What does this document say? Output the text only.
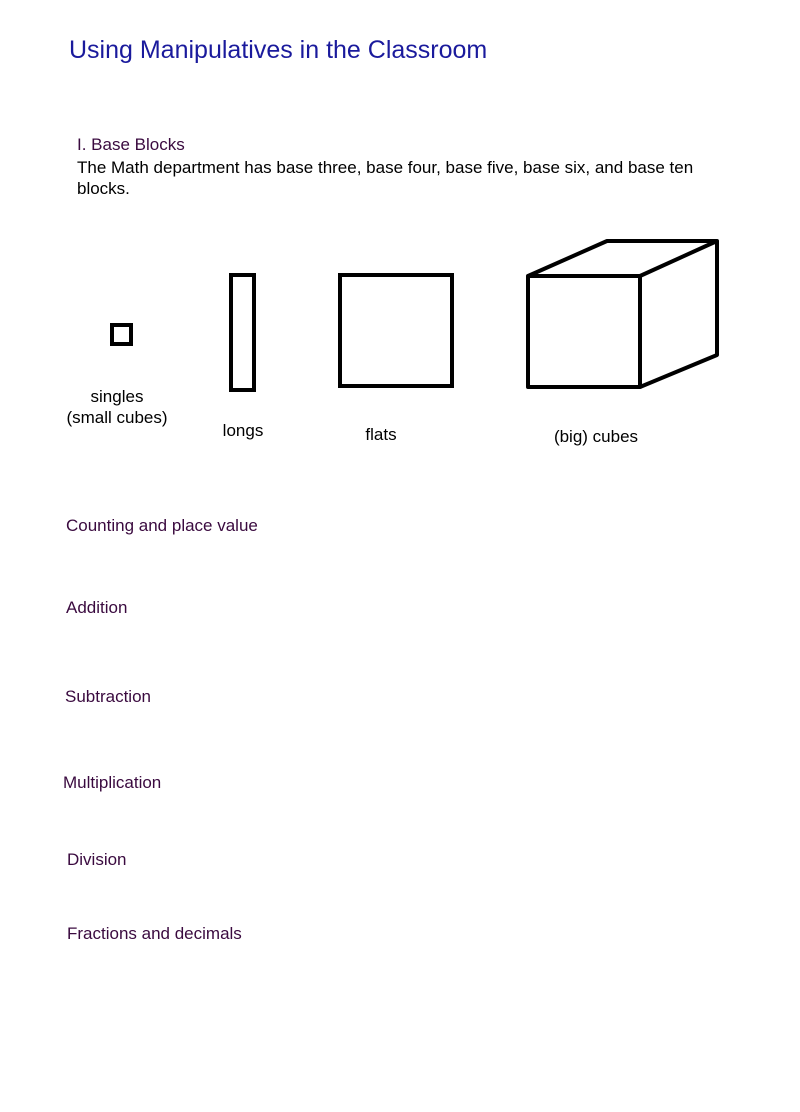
Using Manipulatives in the Classroom
I. Base Blocks
The Math department has base three, base four, base five, base six, and base ten blocks.
singles
(small cubes)
longs	flats	(big) cubes
Counting and place value
Addition
Subtraction
Multiplication
Division
Fractions and decimals
